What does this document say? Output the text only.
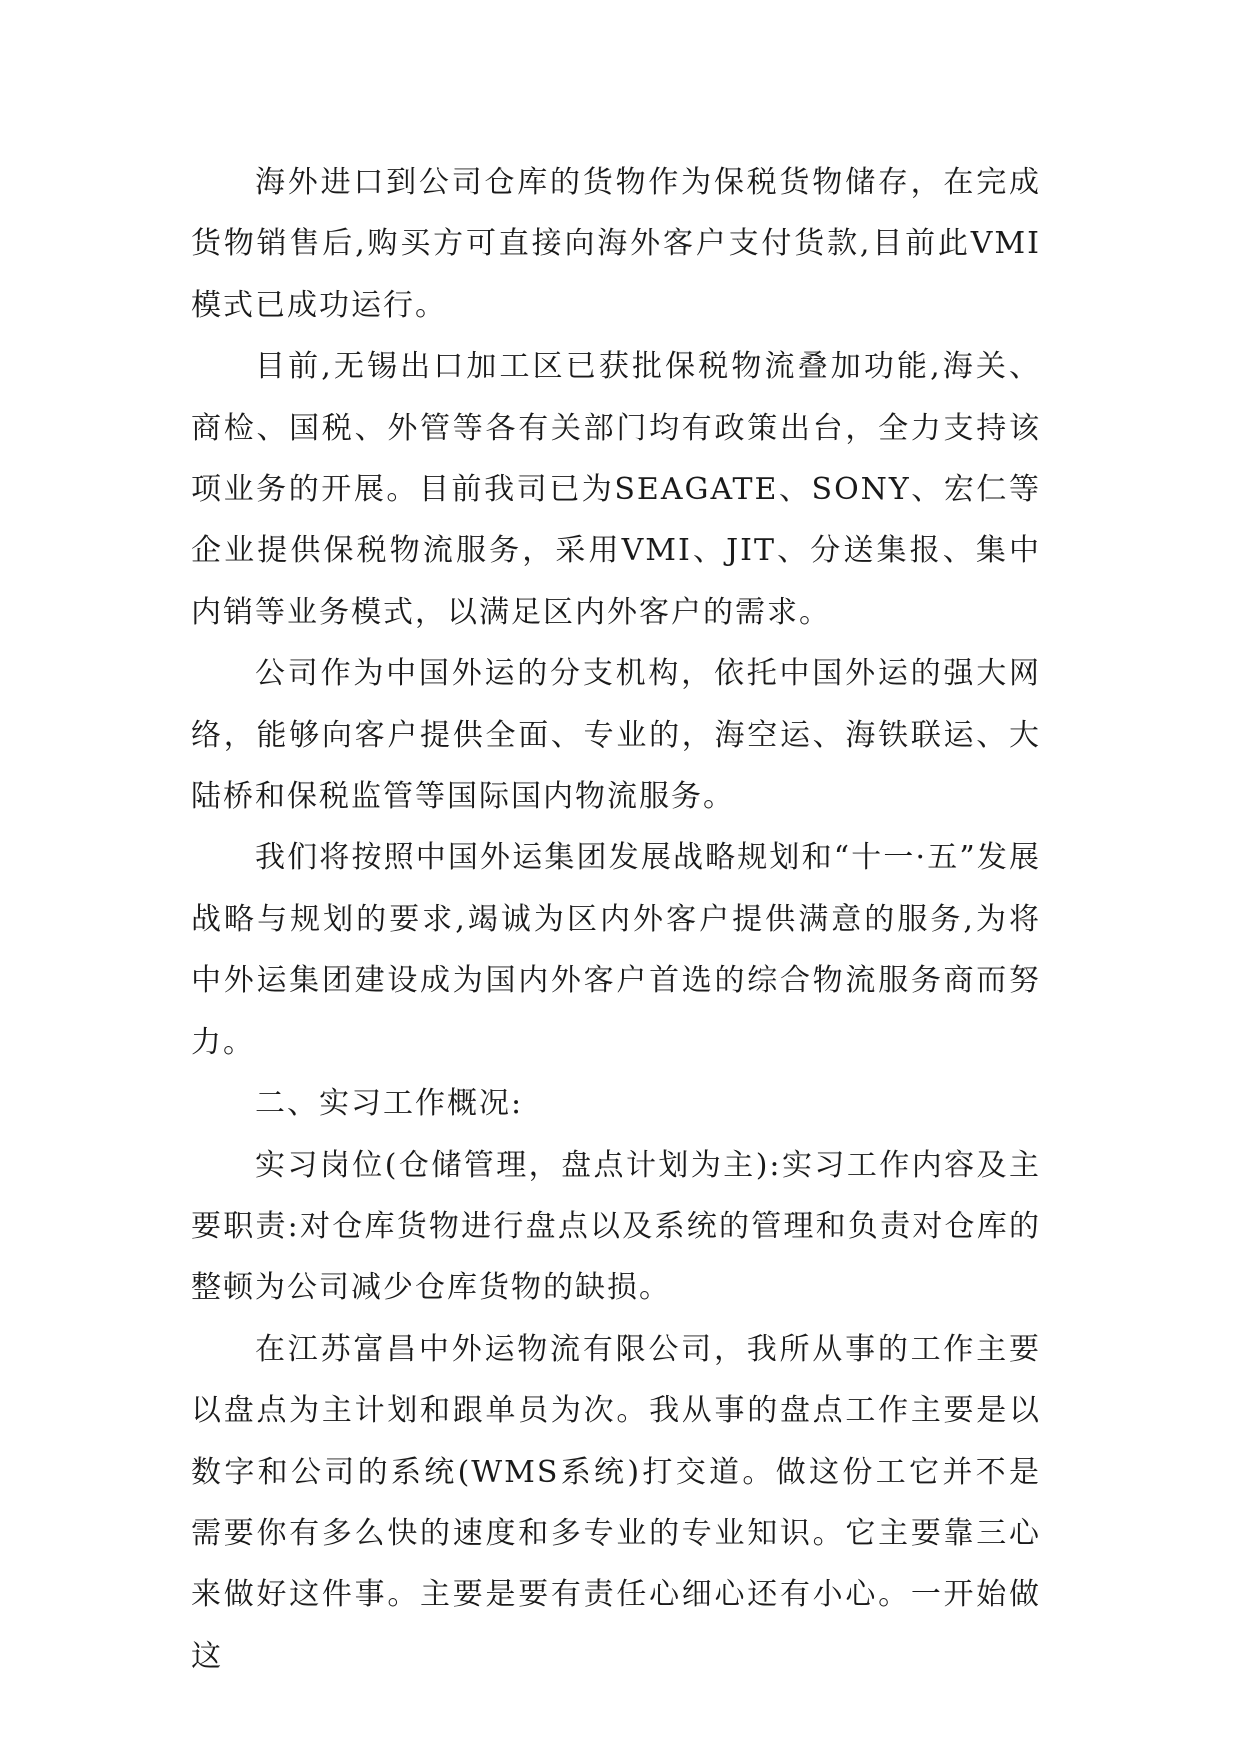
海外进口到公司仓库的货物作为保税货物储存，在完成货物销售后,购买方可直接向海外客户支付货款,目前此VMI模式已成功运行。

目前,无锡出口加工区已获批保税物流叠加功能,海关、商检、国税、外管等各有关部门均有政策出台，全力支持该项业务的开展。目前我司已为SEAGATE、SONY、宏仁等企业提供保税物流服务，采用VMI、JIT、分送集报、集中内销等业务模式，以满足区内外客户的需求。

公司作为中国外运的分支机构，依托中国外运的强大网络，能够向客户提供全面、专业的，海空运、海铁联运、大陆桥和保税监管等国际国内物流服务。

我们将按照中国外运集团发展战略规划和“十一·五”发展战略与规划的要求,竭诚为区内外客户提供满意的服务,为将中外运集团建设成为国内外客户首选的综合物流服务商而努力。

二、实习工作概况:

实习岗位(仓储管理，盘点计划为主):实习工作内容及主要职责:对仓库货物进行盘点以及系统的管理和负责对仓库的整顿为公司减少仓库货物的缺损。

在江苏富昌中外运物流有限公司，我所从事的工作主要以盘点为主计划和跟单员为次。我从事的盘点工作主要是以数字和公司的系统(WMS系统)打交道。做这份工它并不是需要你有多么快的速度和多专业的专业知识。它主要靠三心来做好这件事。主要是要有责任心细心还有小心。一开始做这
